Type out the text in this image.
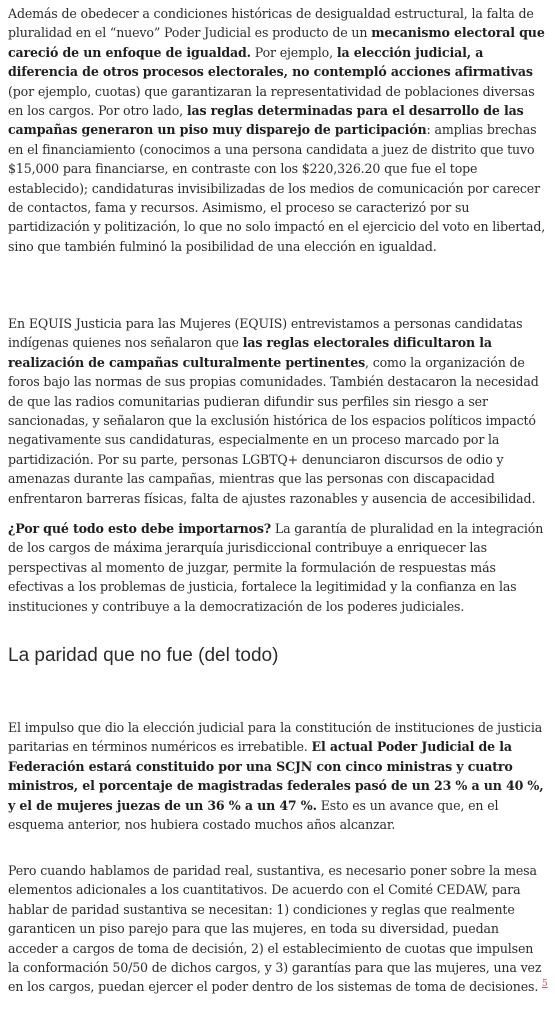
Además de obedecer a condiciones históricas de desigualdad estructural, la falta de pluralidad en el “nuevo” Poder Judicial es producto de un mecanismo electoral que careció de un enfoque de igualdad. Por ejemplo, la elección judicial, a diferencia de otros procesos electorales, no contempló acciones afirmativas (por ejemplo, cuotas) que garantizaran la representatividad de poblaciones diversas en los cargos. Por otro lado, las reglas determinadas para el desarrollo de las campañas generaron un piso muy disparejo de participación: amplias brechas en el financiamiento (conocimos a una persona candidata a juez de distrito que tuvo $15,000 para financiarse, en contraste con los $220,326.20 que fue el tope establecido); candidaturas invisibilizadas de los medios de comunicación por carecer de contactos, fama y recursos. Asimismo, el proceso se caracterizó por su partidización y politización, lo que no solo impactó en el ejercicio del voto en libertad, sino que también fulminó la posibilidad de una elección en igualdad.

En EQUIS Justicia para las Mujeres (EQUIS) entrevistamos a personas candidatas indígenas quienes nos señalaron que las reglas electorales dificultaron la realización de campañas culturalmente pertinentes, como la organización de foros bajo las normas de sus propias comunidades. También destacaron la necesidad de que las radios comunitarias pudieran difundir sus perfiles sin riesgo a ser sancionadas, y señalaron que la exclusión histórica de los espacios políticos impactó negativamente sus candidaturas, especialmente en un proceso marcado por la partidización. Por su parte, personas LGBTQ+ denunciaron discursos de odio y amenazas durante las campañas, mientras que las personas con discapacidad enfrentaron barreras físicas, falta de ajustes razonables y ausencia de accesibilidad.

¿Por qué todo esto debe importarnos? La garantía de pluralidad en la integración de los cargos de máxima jerarquía jurisdiccional contribuye a enriquecer las perspectivas al momento de juzgar, permite la formulación de respuestas más efectivas a los problemas de justicia, fortalece la legitimidad y la confianza en las instituciones y contribuye a la democratización de los poderes judiciales.

La paridad que no fue (del todo)

El impulso que dio la elección judicial para la constitución de instituciones de justicia paritarias en términos numéricos es irrebatible. El actual Poder Judicial de la Federación estará constituido por una SCJN con cinco ministras y cuatro ministros, el porcentaje de magistradas federales pasó de un 23 % a un 40 %, y el de mujeres juezas de un 36 % a un 47 %. Esto es un avance que, en el esquema anterior, nos hubiera costado muchos años alcanzar.

Pero cuando hablamos de paridad real, sustantiva, es necesario poner sobre la mesa elementos adicionales a los cuantitativos. De acuerdo con el Comité CEDAW, para hablar de paridad sustantiva se necesitan: 1) condiciones y reglas que realmente garanticen un piso parejo para que las mujeres, en toda su diversidad, puedan acceder a cargos de toma de decisión, 2) el establecimiento de cuotas que impulsen la conformación 50/50 de dichos cargos, y 3) garantías para que las mujeres, una vez en los cargos, puedan ejercer el poder dentro de los sistemas de toma de decisiones. $^5$
